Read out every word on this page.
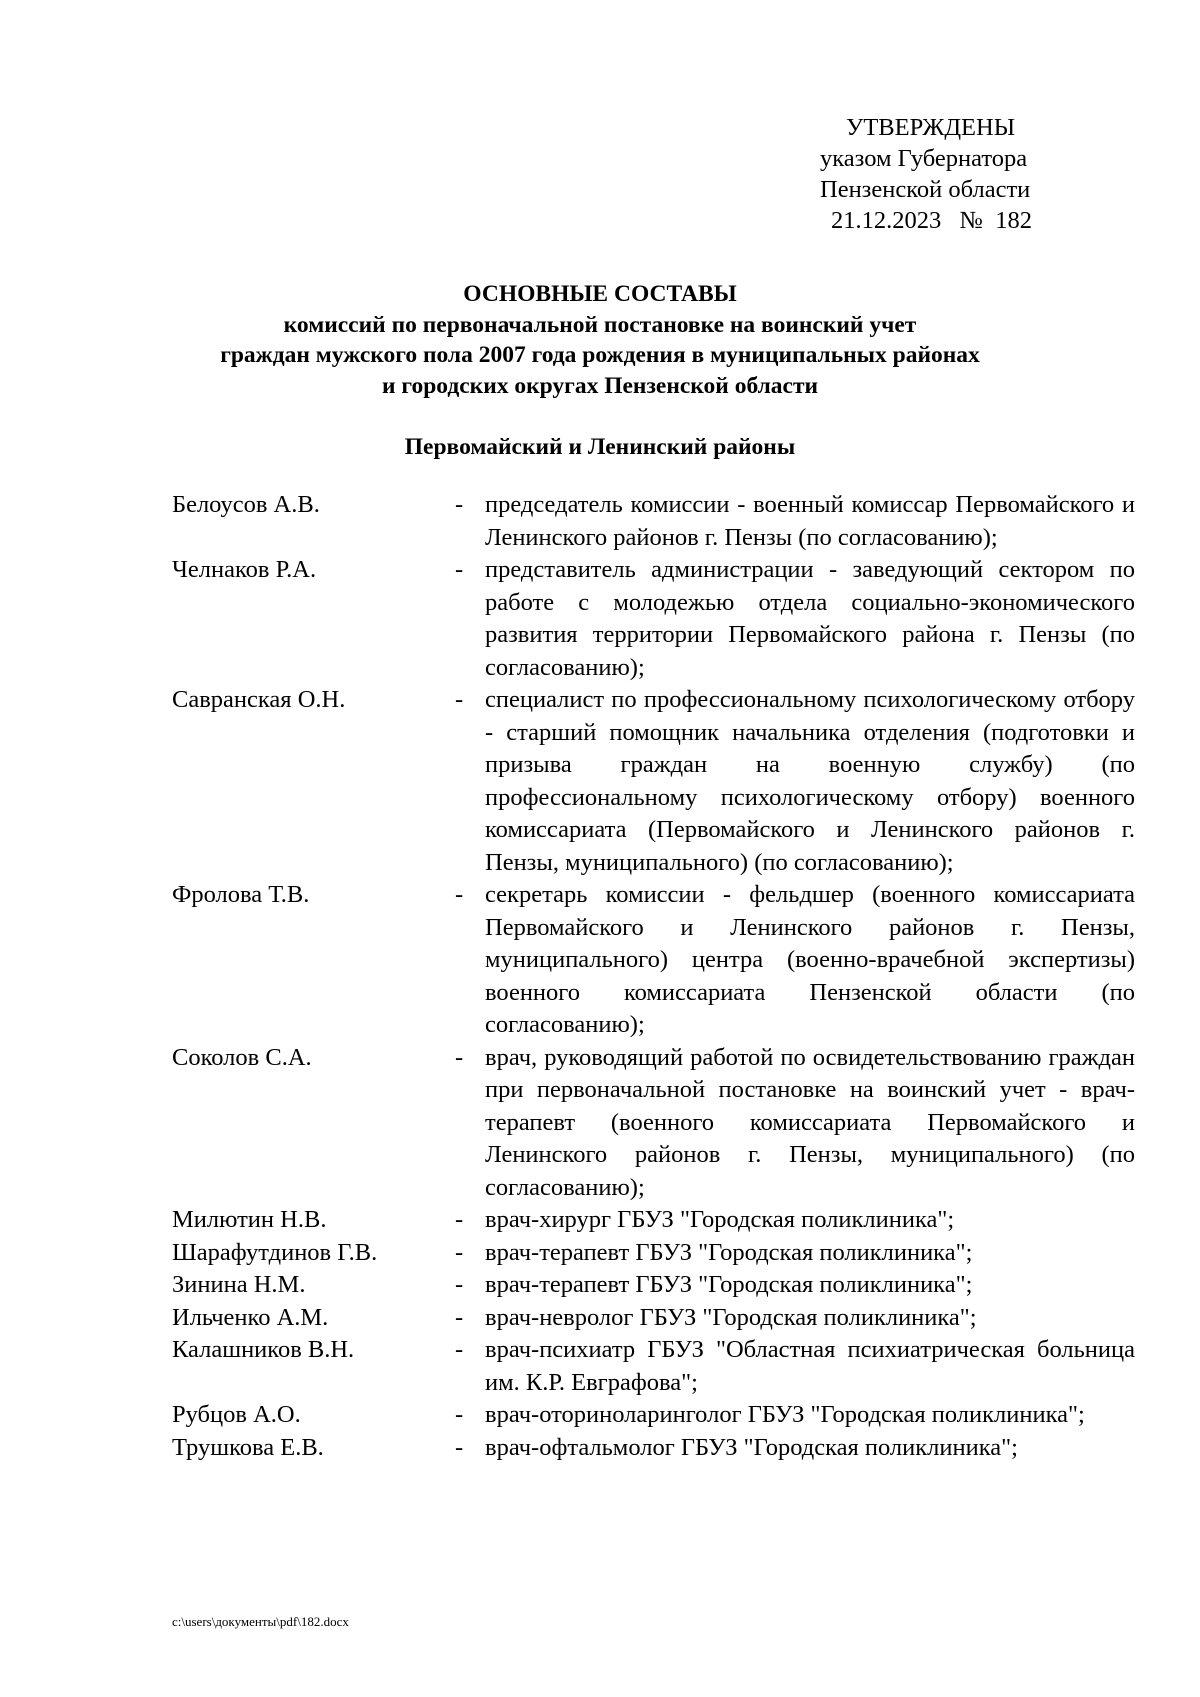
УТВЕРЖДЕНЫ
указом Губернатора
Пензенской области
21.12.2023   №  182
ОСНОВНЫЕ СОСТАВЫ
комиссий по первоначальной постановке на воинский учет
граждан мужского пола 2007 года рождения в муниципальных районах
и городских округах Пензенской области
Первомайский и Ленинский районы
Белоусов А.В.	- председатель комиссии - военный комиссар Первомайского и Ленинского районов г. Пензы (по согласованию);
Челнаков Р.А.	- представитель администрации - заведующий сектором по работе с молодежью отдела социально-экономического развития территории Первомайского района г. Пензы (по согласованию);
Савранская О.Н.	- специалист по профессиональному психологическому отбору - старший помощник начальника отделения (подготовки и призыва граждан на военную службу) (по профессиональному психологическому отбору) военного комиссариата (Первомайского и Ленинского районов г. Пензы, муниципального) (по согласованию);
Фролова Т.В.	- секретарь комиссии - фельдшер (военного комиссариата Первомайского и Ленинского районов г. Пензы, муниципального) центра (военно-врачебной экспертизы) военного комиссариата Пензенской области (по согласованию);
Соколов С.А.	- врач, руководящий работой по освидетельствованию граждан при первоначальной постановке на воинский учет - врач-терапевт (военного комиссариата Первомайского и Ленинского районов г. Пензы, муниципального) (по согласованию);
Милютин Н.В.	- врач-хирург ГБУЗ "Городская поликлиника";
Шарафутдинов Г.В.	- врач-терапевт ГБУЗ "Городская поликлиника";
Зинина Н.М.	- врач-терапевт ГБУЗ "Городская поликлиника";
Ильченко А.М.	- врач-невролог ГБУЗ "Городская поликлиника";
Калашников В.Н.	- врач-психиатр ГБУЗ "Областная психиатрическая больница им. К.Р. Евграфова";
Рубцов А.О.	- врач-оториноларинголог ГБУЗ "Городская поликлиника";
Трушкова Е.В.	- врач-офтальмолог ГБУЗ "Городская поликлиника";
c:\users\документы\pdf\182.docx
